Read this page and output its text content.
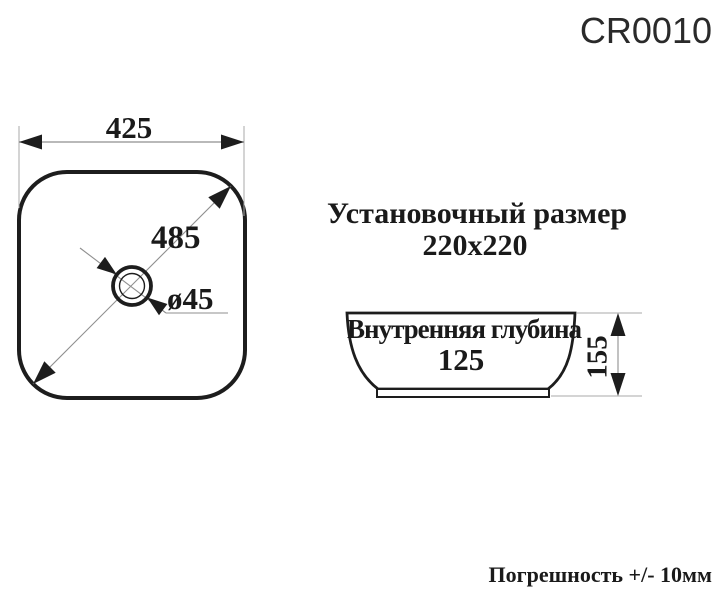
CR0010
425
485
ø45
Установочный размер
220x220
Внутренняя глубина
125	155
Погрешность +/- 10мм
